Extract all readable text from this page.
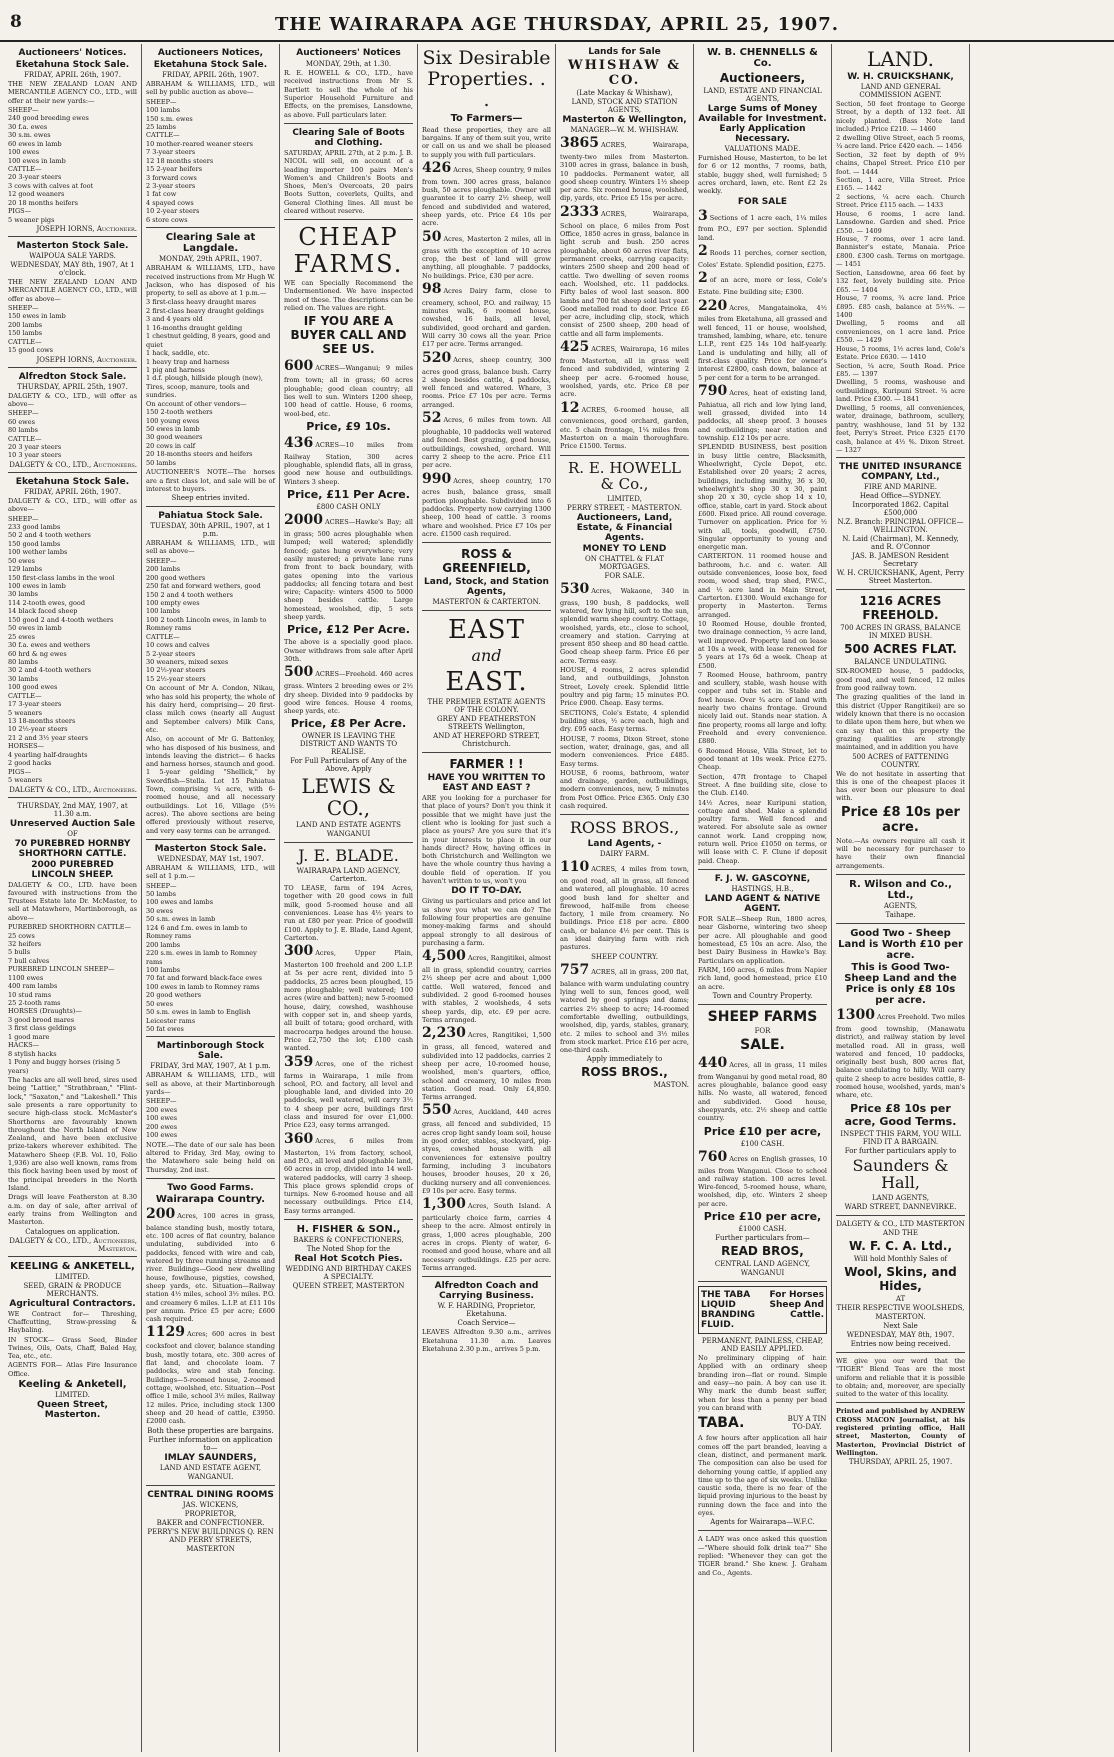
8	THE WAIRARAPA AGE THURSDAY, APRIL 25, 1907.
Auctioneers' Notices.
Eketahuna Stock Sale.
FRIDAY, APRIL 26th, 1907.
THE NEW ZEALAND LOAN AND MERCANTILE AGENCY CO., LTD., will offer at their new yards:—
SHEEP—
240 good breeding ewes
30 f.a. ewes
30 s.m. ewes
60 ewes in lamb
100 ewes
100 ewes in lamb
CATTLE—
20 3-year steers
3 cows with calves at foot
12 good weaners
20 18 months heifers
PIGS—
5 weaner pigs
JOSEPH IORNS, Auctioneer.
Masterton Stock Sale.
WAIPOUA SALE YARDS.
WEDNESDAY, MAY 8th, 1907, At 1 o'clock.
THE NEW ZEALAND LOAN AND MERCANTILE AGENCY CO., LTD., will offer as above—
SHEEP—
150 ewes in lamb
200 lambs
150 lambs
CATTLE—
15 good cows
JOSEPH IORNS, Auctioneer.
Alfredton Stock Sale.
THURSDAY, APRIL 25th, 1907.
DALGETY & CO., LTD., will offer as above—
SHEEP—
60 ewes
80 lambs
CATTLE—
20 3 year steers
10 3 year steers
DALGETY & CO., LTD., Auctioneers.
Eketahuna Stock Sale.
FRIDAY, APRIL 26th, 1907.
DALGETY & CO., LTD., will offer as above—
SHEEP—
233 good lambs
50 2 and 4 tooth wethers
150 good lambs
100 wether lambs
50 ewes
129 lambs
150 first-class lambs in the wool
100 ewes in lamb
30 lambs
114 2-tooth ewes, good
14 black faced sheep
150 good 2 and 4-tooth wethers
50 ewes in lamb
25 ewes
30 f.a. ewes and wethers
60 hrd & ng ewes
80 lambs
30 2 and 4-tooth wethers
30 lambs
100 good ewes
CATTLE—
17 3-year steers
5 weaners
13 18-months steers
10 2½-year steers
21 2 and 3½ year steers
HORSES—
4 yearling half-draughts
2 good hacks
PIGS—
5 weaners
DALGETY & CO., LTD., Auctioneers.
THURSDAY, 2nd MAY, 1907, at 11.30 a.m.
Unreserved Auction Sale
OF
70 PUREBRED HORNBY SHORTHORN CATTLE.
2000 PUREBRED LINCOLN SHEEP.
DALGETY & CO., LTD. have been favoured with instructions from the Trustees Estate late Dr. McMaster, to sell at Matawhero, Martinborough, as above—
PUREBRED SHORTHORN CATTLE—
25 cows
32 heifers
5 bulls
7 bull calves
PUREBRED LINCOLN SHEEP—
1100 ewes
400 ram lambs
10 stud rams
25 2-tooth rams
HORSES (Draughts)—
3 good brood mares
3 first class geldings
1 good mare
HACKS—
8 stylish hacks
1 Pony and buggy horses (rising 5 years)
The hacks are all well bred, sires used being "Lattier," "Strathbraan," "Flint-lock," "Saxaton," and "Lakeshell." This sale presents a rare opportunity to secure high-class stock. McMaster's Shorthorns are favourably known throughout the North Island of New Zealand, and have been exclusive prize-takers wherever exhibited. The Matawhero Sheep (F.B. Vol. 10, Folio 1,936) are also well known, rams from this flock having been used by most of the principal breeders in the North Island.
Drags will leave Featherston at 8.30 a.m. on day of sale, after arrival of early trains from Wellington and Masterton.
Catalogues on application.
DALGETY & CO., LTD., Auctioneers, Masterton.
KEELING & ANKETELL,
LIMITED.
SEED, GRAIN & PRODUCE MERCHANTS.
Agricultural Contractors.
WE Contract for— Threshing, Chaffcutting, Straw-pressing & Haybaling.
IN STOCK— Grass Seed, Binder Twines, Oils, Oats, Chaff, Baled Hay, Tea, etc., etc.
AGENTS FOR— Atlas Fire Insurance Office.
Keeling & Anketell,
LIMITED.
Queen Street, Masterton.
Auctioneers Notices,
Eketahuna Stock Sale.
FRIDAY, APRIL 26th, 1907.
ABRAHAM & WILLIAMS, LTD., will sell by public auction as above—
SHEEP—
100 lambs
150 s.m. ewes
25 lambs
CATTLE—
10 mother-reared weaner steers
7 3-year steers
12 18 months steers
15 2-year heifers
3 forward cows
2 3-year steers
1 fat cow
4 spayed cows
10 2-year steers
6 store cows
Clearing Sale at Langdale.
MONDAY, 29th APRIL, 1907.
ABRAHAM & WILLIAMS, LTD., have received instructions from Mr Hugh W. Jackson, who has disposed of his property, to sell as above at 1 p.m.—
3 first-class heavy draught mares
2 first-class heavy draught geldings
3 and 4 years old
1 16-months draught gelding
1 chestnut gelding, 8 years, good and quiet
1 hack, saddle, etc.
1 heavy trap and harness
1 pig and harness
1 d.f. plough, hillside plough (new), Tires, scoop, manure, tools and sundries.
On account of other vendors—
150 2-tooth wethers
100 young ewes
50 ewes in lamb
30 good weaners
20 cows in calf
20 18-months steers and heifers
50 lambs
AUCTIONEER'S NOTE—The horses are a first class lot, and sale will be of interest to buyers.
Sheep entries invited.
Pahiatua Stock Sale.
TUESDAY, 30th APRIL, 1907, at 1 p.m.
ABRAHAM & WILLIAMS, LTD., will sell as above—
SHEEP—
200 lambs
200 good wethers
250 fat and forward wethers, good
150 2 and 4 tooth wethers
100 empty ewes
100 lambs
100 2 tooth Lincoln ewes, in lamb to Romney rams
CATTLE—
10 cows and calves
5 2-year steers
30 weaners, mixed sexes
10 2½-year steers
15 2½-year steers
On account of Mr A. Condon, Nikau, who has sold his property, the whole of his dairy herd, comprising— 20 first-class milch cows (nearly all August and September calvers) Milk Cans, etc.
Also, on account of Mr G. Battenley, who has disposed of his business, and intends leaving the district— 6 hacks and harness horses, staunch and good. 1 5-year gelding "Shellick," by Swordfish—Stella. Lot 15 Pahiatua Town, comprising ¼ acre, with 6-roomed house, and all necessary outbuildings. Lot 16, Village (5½ acres). The above sections are being offered previously without reserve, and very easy terms can be arranged.
Masterton Stock Sale.
WEDNESDAY, MAY 1st, 1907.
ABRAHAM & WILLIAMS, LTD., will sell at 1 p.m.—
SHEEP—
50 lambs
100 ewes and lambs
30 ewes
50 s.m. ewes in lamb
124 6 and f.m. ewes in lamb to Romney rams
200 lambs
220 s.m. ewes in lamb to Romney rams
100 lambs
70 fat and forward black-face ewes
100 ewes in lamb to Romney rams
20 good wethers
50 ewes
50 s.m. ewes in lamb to English Leicester rams
50 fat ewes
Martinborough Stock Sale.
FRIDAY, 3rd MAY, 1907, At 1 p.m.
ABRAHAM & WILLIAMS, LTD., will sell as above, at their Martinborough yards—
SHEEP—
200 ewes
100 ewes
200 ewes
100 ewes
NOTE.—The date of our sale has been altered to Friday, 3rd May, owing to the Matawhero sale being held on Thursday, 2nd inst.
Two Good Farms.
Wairarapa Country.
200 Acres, 100 acres in grass, balance standing bush, mostly totara, etc. 100 acres of flat country, balance undulating, subdivided into 6 paddocks, fenced with wire and cab, watered by three running streams and river. Buildings—Good new dwelling house, fowlhouse, pigsties, cowshed, sheep yards, etc. Situation—Railway station 4½ miles, school 3½ miles. P.O. and creamery 6 miles. L.I.P. at £11 10s per annum. Price £5 per acre; £600 cash required.
1129 Acres; 600 acres in best cocksfoot and clover, balance standing bush, mostly totara, etc. 300 acres of flat land, and chocolate loam. 7 paddocks, wire and stab fencing. Buildings—5-roomed house, 2-roomed cottage, woolshed, etc. Situation—Post office 1 mile, school 3½ miles, Railway 12 miles. Price, including stock 1300 sheep and 20 head of cattle, £3950. £2000 cash.
Both these properties are bargains.
Further information on application to—
IMLAY SAUNDERS,
LAND AND ESTATE AGENT,
WANGANUI.
CENTRAL DINING ROOMS
JAS. WICKENS,
PROPRIETOR,
BAKER and CONFECTIONER.
PERRY'S NEW BUILDINGS Q. REN AND PERRY STREETS,
MASTERTON
Auctioneers' Notices
MONDAY, 29th, at 1.30.
R. E. HOWELL & CO., LTD., have received instructions from Mr S. Bartlett to sell the whole of his Superior Household Furniture and Effects, on the premises, Lansdowne, as above. Full particulars later.
Clearing Sale of Boots and Clothing.
SATURDAY, APRIL 27th, at 2 p.m. J. B. NICOL will sell, on account of a leading importer 100 pairs Men's Women's and Children's Boots and Shoes, Men's Overcoats, 20 pairs Boots Sutton, coverlets, Quilts, and General Clothing lines. All must be cleared without reserve.
CHEAP FARMS.
WE can Specially Recommend the Undermentioned. We have inspected most of these. The descriptions can be relied on. The values are right.
IF YOU ARE A BUYER CALL AND SEE US.
600 ACRES—Wanganui; 9 miles from town; all in grass; 60 acres ploughable; good clean country; all lies well to sun. Winters 1200 sheep, 100 head of cattle. House, 6 rooms, wool-bed, etc.
Price, £9 10s.
436 ACRES—10 miles from Railway Station, 300 acres ploughable, splendid flats, all in grass, good new house and outbuildings. Winters 3 sheep.
Price, £11 Per Acre.
£800 CASH ONLY
2000 ACRES—Hawke's Bay; all in grass; 500 acres ploughable when lumped; well watered; splendidly fenced; gates hung everywhere; very easily mustered; a private lane runs from front to back boundary, with gates opening into the various paddocks; all fencing totara and best wire; Capacity: winters 4500 to 5000 sheep besides cattle. Large homestead, woolshed, dip, 5 sets sheep yards.
Price, £12 Per Acre.
The above is a specially good place. Owner withdraws from sale after April 30th.
500 ACRES—Freehold. 460 acres grass. Winters 2 breeding ewes or 2½ dry sheep. Divided into 9 paddocks by good wire fences. House 4 rooms, sheep yards, etc.
Price, £8 Per Acre.
OWNER IS LEAVING THE DISTRICT AND WANTS TO REALISE.
For Full Particulars of Any of the Above, Apply
LEWIS & CO.,
LAND AND ESTATE AGENTS
WANGANUI
J. E. BLADE.
WAIRARAPA LAND AGENCY, Carterton.
TO LEASE, farm of 194 Acres, together with 20 good cows in full milk, good 5-roomed house and all conveniences. Lease has 4½ years to run at £80 per year. Price of goodwill £100. Apply to J. E. Blade, Land Agent, Carterton.
300 Acres, Upper Plain, Masterton 100 freehold and 200 L.I.P. at 5s per acre rent, divided into 5 paddocks, 25 acres been ploughed, 15 more ploughable; well watered; 100 acres (wire and batten); new 5-roomed house, dairy, cowshed, washhouse with copper set in, and sheep yards, all built of totara; good orchard, with macrocarpa hedges around the house. Price £2,750 the lot; £100 cash wanted.
359 Acres, one of the richest farms in Wairarapa, 1 mile from school, P.O. and factory, all level and ploughable land, and divided into 20 paddocks, well watered, will carry 3½ to 4 sheep per acre, buildings first class and insured for over £1,000. Price £23, easy terms arranged.
360 Acres, 6 miles from Masterton, 1¼ from factory, school, and P.O., all level and ploughable land, 60 acres in crop, divided into 14 well-watered paddocks, will carry 3 sheep. This place grows splendid crops of turnips. New 6-roomed house and all necessary outbuildings. Price £14, Easy terms arranged.
H. FISHER & SON.,
BAKERS & CONFECTIONERS,
The Noted Shop for the
Real Hot Scotch Pies.
WEDDING AND BIRTHDAY CAKES A SPECIALTY.
QUEEN STREET, MASTERTON
Six Desirable Properties. . .
To Farmers—
Read these properties, they are all bargains. If any of them suit you, write or call on us and we shall be pleased to supply you with full particulars.
426 Acres, Sheep country, 9 miles from town. 300 acres grass, balance bush, 50 acres ploughable. Owner will guarantee it to carry 2½ sheep, well fenced and subdivided and watered, sheep yards, etc. Price £4 10s per acre.
50 Acres, Masterton 2 miles, all in grass with the exception of 10 acres crop, the best of land will grow anything, all ploughable. 7 paddocks, No buildings. Price, £30 per acre.
98 Acres Dairy farm, close to creamery, school, P.O. and railway, 15 minutes walk, 6 roomed house, cowshed, 16 bails, all level, subdivided, good orchard and garden. Will carry 30 cows all the year. Price £17 per acre. Terms arranged.
520 Acres, sheep country, 300 acres good grass, balance bush. Carry 2 sheep besides cattle, 4 paddocks, well fenced and watered. Whare, 3 rooms. Price £7 10s per acre. Terms arranged.
52 Acres, 6 miles from town. All ploughable, 10 paddocks well watered and fenced. Best grazing, good house, outbuildings, cowshed, orchard. Will carry 2 sheep to the acre. Price £11 per acre.
990 Acres, sheep country, 170 acres bush, balance grass, small portion ploughable. Subdivided into 6 paddocks. Property now carrying 1300 sheep, 100 head of cattle. 3 rooms whare and woolshed. Price £7 10s per acre. £1500 cash required.
ROSS & GREENFIELD,
Land, Stock, and Station Agents,
MASTERTON & CARTERTON.
EAST
and
EAST.
THE PREMIER ESTATE AGENTS OF THE COLONY.
GREY AND FEATHERSTON STREETS Wellington,
AND AT HEREFORD STREET, Christchurch.
FARMER ! !
HAVE YOU WRITTEN TO EAST AND EAST ?
ARE you looking for a purchaser for that place of yours? Don't you think it possible that we might have just the client who is looking for just such a place as yours? Are you sure that it's in your interests to place it in our hands direct? How, having offices in both Christchurch and Wellington we have the whole country thus having a double field of operation. If you haven't written to us, won't you
DO IT TO-DAY.
Giving us particulars and price and let us show you what we can do? The following four properties are genuine money-making farms and should appeal strongly to all desirous of purchasing a farm.
4,500 Acres, Rangitikei, almost all in grass, splendid country, carries 2½ sheep per acre and about 1,000 cattle. Well watered, fenced and subdivided. 2 good 6-roomed houses with stables, 2 woolsheds, 4 sets sheep yards, dip, etc. £9 per acre. Terms arranged.
2,230 Acres, Rangitikei, 1,500 in grass, all fenced, watered and subdivided into 12 paddocks, carries 2 sheep per acre, 10-roomed house, woolshed, men's quarters, office, school and creamery, 10 miles from station. Good road. Only £4,850. Terms arranged.
550 Acres, Auckland, 440 acres grass, all fenced and subdivided, 15 acres crop light sandy loam soil, house in good order, stables, stockyard, pig-styes, cowshed house with all conveniences for extensive poultry farming, including 3 incubators houses, brooder houses, 20 x 26, ducking nursery and all conveniences. £9 10s per acre. Easy terms.
1,300 Acres, South Island. A particularly choice farm, carries 4 sheep to the acre. Almost entirely in grass, 1,000 acres ploughable, 200 acres in crops. Plenty of water, 6-roomed and good house, whare and all necessary outbuildings. £25 per acre. Terms arranged.
Alfredton Coach and Carrying Business.
W. F. HARDING, Proprietor, Eketahuna.
Coach Service—
LEAVES Alfredton 9.30 a.m., arrives Eketahuna 11.30 a.m. Leaves Eketahuna 2.30 p.m., arrives 5 p.m.
Lands for Sale
WHISHAW & CO.
(Late Mackay & Whishaw),
LAND, STOCK AND STATION AGENTS,
Masterton & Wellington,
MANAGER—W. M. WHISHAW.
3865 ACRES, Wairarapa, twenty-two miles from Masterton. 3100 acres in grass, balance in bush, 10 paddocks. Permanent water, all good sheep country. Winters 1½ sheep per acre. Six roomed house, woolshed, dip, yards, etc. Price £5 15s per acre.
2333 ACRES, Wairarapa, School on place, 6 miles from Post Office, 1850 acres in grass, balance in light scrub and bush. 250 acres ploughable, about 60 acres river flats, permanent creeks, carrying capacity: winters 2500 sheep and 200 head of cattle. Two dwelling of seven rooms each. Woolshed, etc. 11 paddocks. Fifty bales of wool last season. 800 lambs and 700 fat sheep sold last year. Good metalled road to door. Price £6 per acre, including clip, stock, which consist of 2500 sheep, 200 head of cattle and all farm implements.
425 ACRES, Wairarapa, 16 miles from Masterton, all in grass well fenced and subdivided, wintering 2 sheep per acre. 6-roomed house, woolshed, yards, etc. Price £8 per acre.
12 ACRES, 6-roomed house, all conveniences, good orchard, garden, etc. 5 chain frontage, 1¼ miles from Masterton on a main thoroughfare. Price £1500. Terms.
R. E. HOWELL & Co.,
LIMITED,
PERRY STREET, - MASTERTON.
Auctioneers, Land, Estate, & Financial Agents.
MONEY TO LEND
ON CHATTEL & FLAT MORTGAGES.
FOR SALE.
530 Acres, Wakaone, 340 in grass, 190 bush, 8 paddocks, well watered, few lying hill, soft to the sun, splendid warm sheep country. Cottage, woolshed, yards, etc., close to school, creamery and station. Carrying at present 850 sheep and 80 head cattle. Good cheap sheep farm. Price £6 per acre. Terms easy.
HOUSE, 4 rooms, 2 acres splendid land, and outbuildings, Johnston Street, Lovely creek. Splendid little poultry and pig farm; 15 minutes P.O. Price £900. Cheap. Easy terms.
SECTIONS, Cole's Estate, 4 splendid building sites, ½ acre each, high and dry. £95 each. Easy terms.
HOUSE, 7 rooms, Dixon Street, stone section, water, drainage, gas, and all modern conveniences. Price £485. Easy terms.
HOUSE, 6 rooms, bathroom, water and drainage, garden, outbuildings, modern conveniences, new, 5 minutes from Post Office. Price £365. Only £30 cash required.
ROSS BROS.,
Land Agents, -
DAIRY FARM.
110 ACRES, 4 miles from town, on good road, all in grass, all fenced and watered, all ploughable. 10 acres good bush land for shelter and firewood, half-mile from cheese factory, 1 mile from creamery. No buildings. Price £18 per acre. £800 cash, or balance 4½ per cent. This is an ideal dairying farm with rich pastures.
SHEEP COUNTRY.
757 ACRES, all in grass, 200 flat, balance with warm undulating country lying well to sun, fences good, well watered by good springs and dams; carries 2½ sheep to acre; 14-roomed comfortable dwelling, outbuildings, woolshed, dip, yards, stables, granary, etc. 2 miles to school and 3½ miles from stock market. Price £16 per acre, one-third cash.
Apply immediately to
ROSS BROS.,
MASTON.
W. B. CHENNELLS & Co.
Auctioneers,
LAND, ESTATE AND FINANCIAL AGENTS,
Large Sums of Money Available for Investment. Early Application Necessary.
VALUATIONS MADE.
Furnished House, Masterton, to be let for 6 or 12 months, 7 rooms, bath, stable, buggy shed, well furnished; 5 acres orchard, lawn, etc. Rent £2 2s weekly.
FOR SALE
3 Sections of 1 acre each, 1¼ miles from P.O., £97 per section. Splendid land.
2 Roods 11 perches, corner section, Coles' Estate. Splendid position, £275.
2 of an acre, more or less, Cole's Estate. Fine building site; £300.
220 Acres, Mangatainoka, 4½ miles from Eketahuna, all grassed and well fenced, 11 or house, woolshed, tramshed, lambing, whare, etc. tenure L.I.P., rent £25 14s 10d half-yearly. Land is undulating and hilly, all of first-class quality. Price for owner's interest £2800, cash down, balance at 5 per cent for a term to be arranged.
790 Acres, heat of existing land, Pahiatua, all rich and low lying land, well grassed, divided into 14 paddocks, all sheep proof. 3 houses and outbuildings; near station and township. £12 10s per acre.
SPLENDID BUSINESS, best position in busy little centre, Blacksmith, Wheelwright, Cycle Depot, etc. Established over 20 years; 2 acres, buildings, including smithy, 36 x 30, wheelwright's shop 30 x 30, paint shop 20 x 30, cycle shop 14 x 10, office, stable, cart in yard. Stock about £600. Fixed price. All round coverage. Turnover on application. Price for ½ with all, tools, goodwill, £750. Singular opportunity to young and energetic man.
CARTERTON. 11 roomed house and bathroom, h.c. and c. water. All outside conveniences, loose box, feed room, wood shed, trap shed, P.W.C., and ½ acre land in Main Street, Carterton. £1300. Would exchange for property in Masterton. Terms arranged.
10 Roomed House, double fronted, two drainage connection, ½ acre land, well improved. Property land on lease at 10s a week, with lease renewed for 5 years at 17s 6d a week. Cheap at £500.
7 Roomed House, bathroom, pantry and scullery, stable, wash house with copper and tubs set in. Stable and fowl house. Over ¾ acre of land with nearly two chains frontage. Ground nicely laid out. Stands near station. A fine property, rooms all large and lofty. Freehold and every convenience. £880.
6 Roomed House, Villa Street, let to good tenant at 10s week. Price £275. Cheap.
Section, 47ft frontage to Chapel Street. A fine building site, close to the Club. £140.
14½ Acres, near Kuripuni station, cottage and shed. Make a splendid poultry farm. Well fenced and watered. For absolute sale as owner cannot work. Land cropping now, return well. Price £1050 on terms, or will lease with C. F. Clune if deposit paid. Cheap.
F. J. W. GASCOYNE,
HASTINGS, H.B.,
LAND AGENT & NATIVE AGENT.
FOR SALE—Sheep Run, 1800 acres, near Gisborne, wintering two sheep per acre. All ploughable and good homestead, £5 10s an acre. Also, the best Dairy Business in Hawke's Bay. Particulars on application.
FARM, 160 acres, 6 miles from Napier rich land, good homestead, price £10 an acre.
Town and Country Property.
SHEEP FARMS
FOR
SALE.
440 Acres, all in grass, 11 miles from Wanganui by good metal road, 80 acres ploughable, balance good easy hills. No waste, all watered, fenced and subdivided. Good house, sheepyards, etc. 2½ sheep and cattle country.
Price £10 per acre,
£100 CASH.
760 Acres on English grasses, 10 miles from Wanganui. Close to school and railway station. 100 acres level. Wire-fenced, 5-roomed house, whare, woolshed, dip, etc. Winters 2 sheep per acre.
Price £10 per acre,
£1000 CASH.
Further particulars from—
READ BROS,
CENTRAL LAND AGENCY,
WANGANUI
THE TABA LIQUID BRANDING FLUID.
For Horses Sheep And Cattle.
PERMANENT, PAINLESS, CHEAP, AND EASILY APPLIED.
No preliminary clipping of hair. Applied with an ordinary sheep branding iron—flat or round. Simple and easy—no pain. A boy can use it. Why mark the dumb beast suffer, when for less than a penny per head you can brand with
TABA.	BUY A TIN TO-DAY.
A few hours after application all hair comes off the part branded, leaving a clean, distinct, and permanent mark. The composition can also be used for dehorning young cattle, if applied any time up to the age of six weeks. Unlike caustic soda, there is no fear of the liquid proving injurious to the beast by running down the face and into the eyes.
Agents for Wairarapa—W.F.C.
A LADY was once asked this question—"Where should folk drink tea?" She replied: "Whenever they can get the TIGER brand." She knew. J. Graham and Co., Agents.
LAND.
W. H. CRUICKSHANK,
LAND AND GENERAL COMMISSION AGENT.
Section, 50 feet frontage to George Street, by a depth of 132 feet. All nicely planted. (Bass Note land included.) Price £210. — 1460
2 dwelling Olive Street, each 5 rooms, ¼ acre land. Price £420 each. — 1456
Section, 32 feet by depth of 9½ chains, Chapel Street. Price £10 per foot. — 1444
Section, 1 acre, Villa Street. Price £165. — 1442
2 sections, ¼ acre each. Church Street. Price £115 each. — 1433
House, 6 rooms, 1 acre land. Lansdowne. Garden and shed. Price £550. — 1409
House, 7 rooms, over 1 acre land. Bannister's estate, Manaia. Price £800. £300 cash. Terms on mortgage. — 1451
Section, Lansdowne, area 66 feet by 132 feet, lovely building site. Price £65. — 1404
House, 7 rooms, ¾ acre land. Price £895. £85 cash, balance at 5½%. — 1400
Dwelling, 5 rooms and all conveniences, on 1 acre land. Price £550. — 1429
House, 5 rooms, 1½ acres land, Cole's Estate. Price £630. — 1410
Section, ¼ acre, South Road. Price £85. — 1397
Dwelling, 5 rooms, washouse and outbuildings, Kuripuni Street. ¼ acre land. Price £300. — 1841
Dwelling, 5 rooms, all conveniences, water, drainage, bathroom, scullery, pantry, washhouse, land 51 by 132 feet, Perry's Street. Price £325 £170 cash, balance at 4½ %. Dixon Street. — 1327
THE UNITED INSURANCE COMPANY, Ltd.,
FIRE AND MARINE.
Head Office—SYDNEY.
Incorporated 1862. Capital £500,000
N.Z. Branch: PRINCIPAL OFFICE—WELLINGTON.
N. Laid (Chairman), M. Kennedy, and R. O'Connor
JAS. B. JAMESON Resident Secretary
W. H. CRUICKSHANK, Agent, Perry Street Masterton.
1216 ACRES FREEHOLD.
700 ACRES IN GRASS, BALANCE IN MIXED BUSH.
500 ACRES FLAT.
BALANCE UNDULATING.
SIX-ROOMED house, 5 paddocks, good road, and well fenced, 12 miles from good railway town.
The grazing qualities of the land in this district (Upper Rangitikei) are so widely known that there is no occasion to dilate upon them here, but when we can say that on this property the grazing qualities are strongly maintained, and in addition you have
500 ACRES of FATTENING COUNTRY.
We do not hesitate in asserting that this is one of the cheapest places it has ever been our pleasure to deal with.
Price £8 10s per acre.
Note.—As owners require all cash it will be necessary for purchaser to have their own financial arrangements.
R. Wilson and Co., Ltd.,
AGENTS,
Taihape.
Good Two - Sheep Land is Worth £10 per acre.
This is Good Two-Sheep Land and the Price is only £8 10s per acre.
1300 Acres Freehold. Two miles from good township, (Manawatu district), and railway station by level metalled road. All in grass, well watered and fenced, 10 paddocks, originally best bush, 800 acres flat, balance undulating to hilly. Will carry quite 2 sheep to acre besides cattle, 8-roomed house, woolshed, yards, man's whare, etc.
Price £8 10s per acre, Good Terms.
INSPECT THIS FARM, YOU WILL FIND IT A BARGAIN.
For further particulars apply to
Saunders & Hall,
LAND AGENTS,
WARD STREET, DANNEVIRKE.
DALGETY & CO., LTD MASTERTON
AND THE
W. F. C. A. Ltd.,
Will hold Monthly Sales of
Wool, Skins, and Hides,
AT
THEIR RESPECTIVE WOOLSHEDS,
MASTERTON.
Next Sale
WEDNESDAY, MAY 8th, 1907.
Entries now being received.
WE give you our word that the "TIGER" Blend Teas are the most uniform and reliable that it is possible to obtain; and, moreover, are specially suited to the water of this locality.
Printed and published by ANDREW CROSS MACON Journalist, at his registered printing office, Hall street, Masterton, County of Masterton, Provincial District of Wellington.
THURSDAY, APRIL 25, 1907.
